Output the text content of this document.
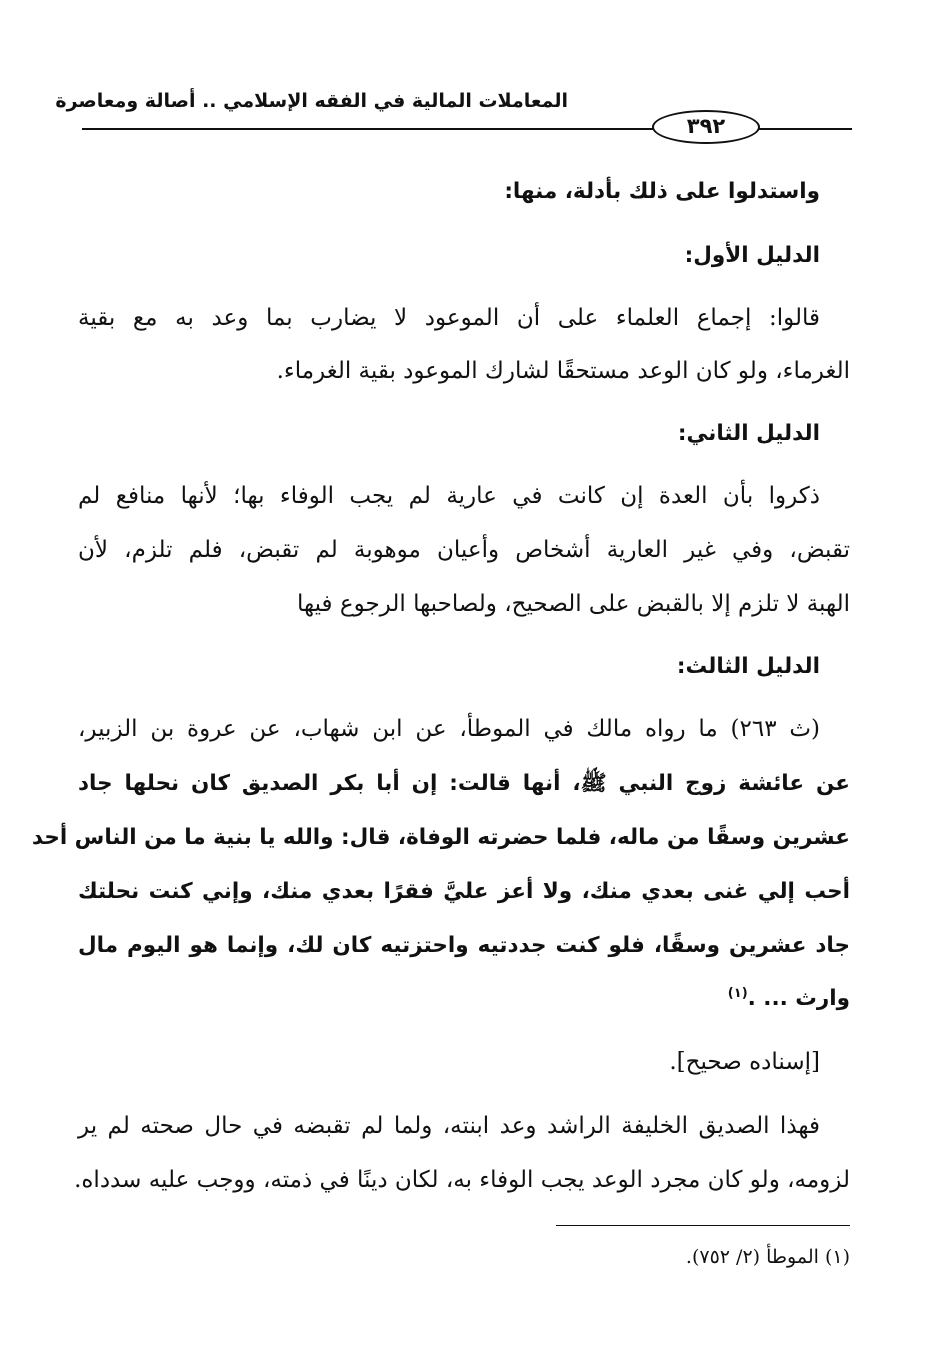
المعاملات المالية في الفقه الإسلامي .. أصالة ومعاصرة
٣٩٢
واستدلوا على ذلك بأدلة، منها:
الدليل الأول:
قالوا: إجماع العلماء على أن الموعود لا يضارب بما وعد به مع بقية
الغرماء، ولو كان الوعد مستحقًا لشارك الموعود بقية الغرماء.
الدليل الثاني:
ذكروا بأن العدة إن كانت في عارية لم يجب الوفاء بها؛ لأنها منافع لم
تقبض، وفي غير العارية أشخاص وأعيان موهوبة لم تقبض، فلم تلزم، لأن
الهبة لا تلزم إلا بالقبض على الصحيح، ولصاحبها الرجوع فيها
الدليل الثالث:
(ث ٢٦٣) ما رواه مالك في الموطأ، عن ابن شهاب، عن عروة بن الزبير،
عن عائشة زوج النبي ﷺ، أنها قالت: إن أبا بكر الصديق كان نحلها جاد
عشرين وسقًا من ماله، فلما حضرته الوفاة، قال: والله يا بنية ما من الناس أحد
أحب إلي غنى بعدي منك، ولا أعز عليَّ فقرًا بعدي منك، وإني كنت نحلتك
جاد عشرين وسقًا، فلو كنت جددتيه واحتزتيه كان لك، وإنما هو اليوم مال
وارث ... .$^{(١)}$
[إسناده صحيح].
فهذا الصديق الخليفة الراشد وعد ابنته، ولما لم تقبضه في حال صحته لم ير
لزومه، ولو كان مجرد الوعد يجب الوفاء به، لكان دينًا في ذمته، ووجب عليه سدداه.
(١) الموطأ (٢/ ٧٥٢).
